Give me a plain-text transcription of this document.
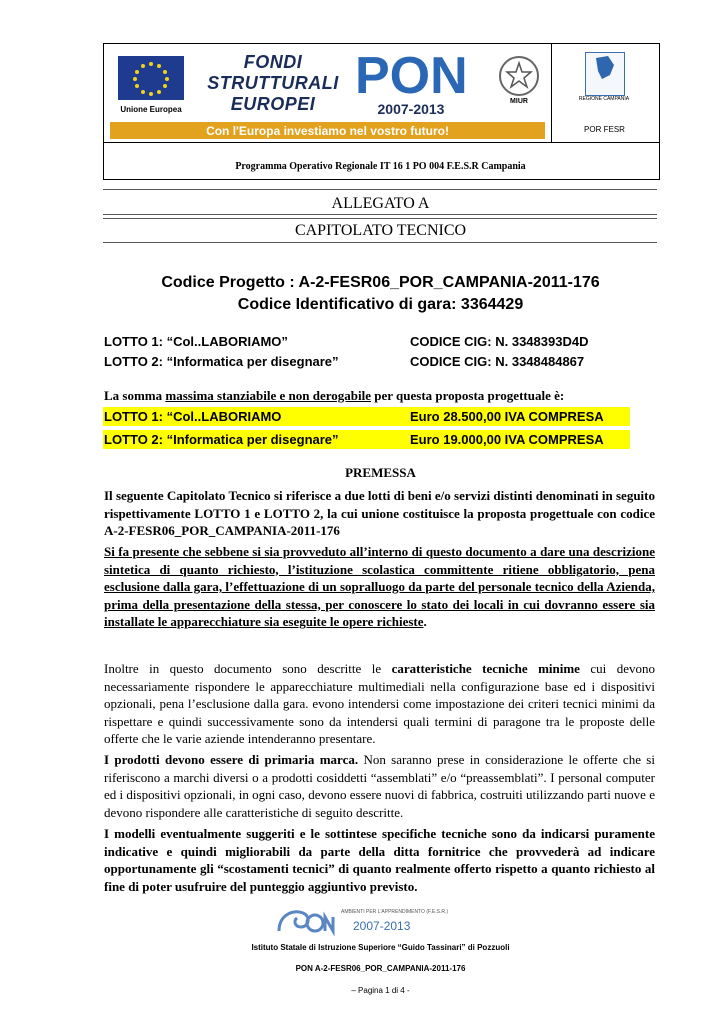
Unione Europea
FONDI
STRUTTURALI
EUROPEI PON
2007-2013	MIUR
Con l'Europa investiamo nel vostro futuro!
REGIONE CAMPANIA
POR FESR
Programma Operativo Regionale IT 16 1 PO 004 F.E.S.R Campania
ALLEGATO A
CAPITOLATO TECNICO
Codice Progetto : A-2-FESR06_POR_CAMPANIA-2011-176
Codice Identificativo di gara: 3364429
LOTTO 1: “Col..LABORIAMO”	CODICE CIG: N. 3348393D4D
LOTTO 2: “Informatica per disegnare”	CODICE CIG: N. 3348484867
La somma massima stanziabile e non derogabile per questa proposta progettuale è:
LOTTO 1: “Col..LABORIAMO	Euro 28.500,00 IVA COMPRESA
LOTTO 2: “Informatica per disegnare”	Euro 19.000,00 IVA COMPRESA
PREMESSA
Il seguente Capitolato Tecnico si riferisce a due lotti di beni e/o servizi distinti denominati in seguito rispettivamente LOTTO 1 e LOTTO 2, la cui unione costituisce la proposta progettuale con codice A-2-FESR06_POR_CAMPANIA-2011-176
Si fa presente che sebbene si sia provveduto all’interno di questo documento a dare una descrizione sintetica di quanto richiesto, l’istituzione scolastica committente ritiene obbligatorio, pena esclusione dalla gara, l’effettuazione di un sopralluogo da parte del personale tecnico della Azienda, prima della presentazione della stessa, per conoscere lo stato dei locali in cui dovranno essere sia installate le apparecchiature sia eseguite le opere richieste.
Inoltre in questo documento sono descritte le caratteristiche tecniche minime cui devono necessariamente rispondere le apparecchiature multimediali nella configurazione base ed i dispositivi opzionali, pena l’esclusione dalla gara. evono intendersi come impostazione dei criteri tecnici minimi da rispettare e quindi successivamente sono da intendersi quali termini di paragone tra le proposte delle offerte che le varie aziende intenderanno presentare.
I prodotti devono essere di primaria marca. Non saranno prese in considerazione le offerte che si riferiscono a marchi diversi o a prodotti cosiddetti “assemblati” e/o “preassemblati”. I personal computer ed i dispositivi opzionali, in ogni caso, devono essere nuovi di fabbrica, costruiti utilizzando parti nuove e devono rispondere alle caratteristiche di seguito descritte.
I modelli eventualmente suggeriti e le sottintese specifiche tecniche sono da indicarsi puramente indicative e quindi migliorabili da parte della ditta fornitrice che provvederà ad indicare opportunamente gli “scostamenti tecnici” di quanto realmente offerto rispetto a quanto richiesto al fine di poter usufruire del punteggio aggiuntivo previsto.
AMBIENTI PER L'APPRENDIMENTO (F.E.S.R.)
2007-2013
Istituto Statale di Istruzione Superiore “Guido Tassinari” di Pozzuoli
PON A-2-FESR06_POR_CAMPANIA-2011-176
– Pagina 1 di 4 -
